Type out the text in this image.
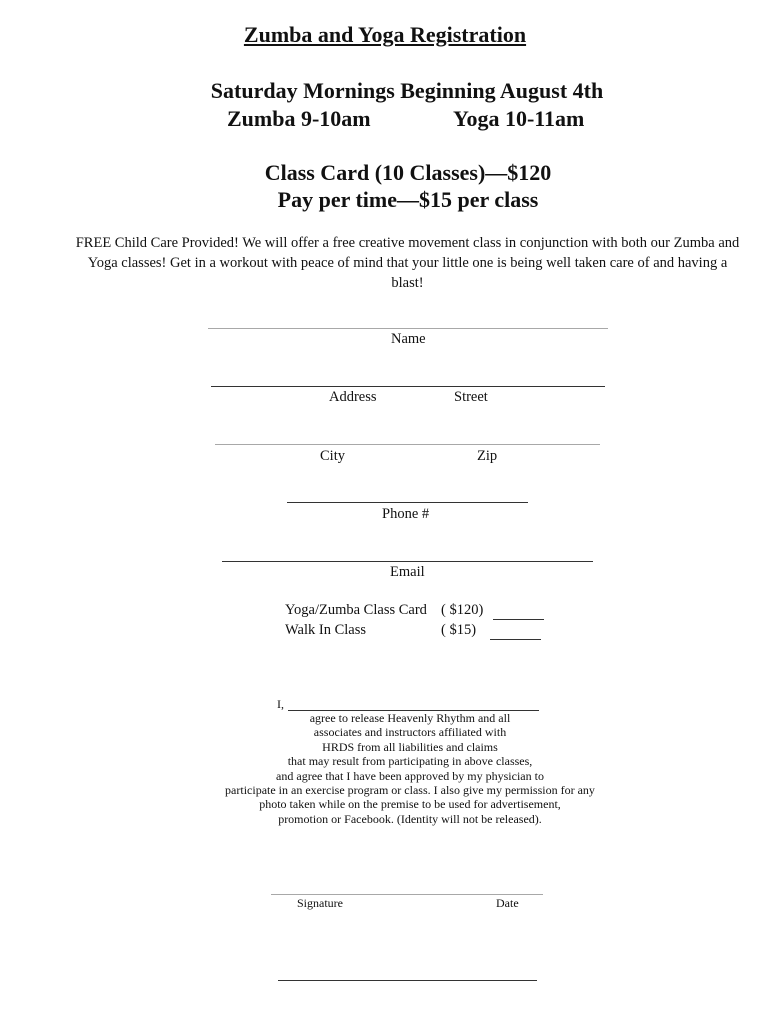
Zumba and Yoga Registration
Saturday Mornings Beginning August 4th
Zumba 9-10am	Yoga 10-11am
Class Card (10 Classes)—$120
Pay per time—$15 per class
FREE Child Care Provided! We will offer a free creative movement class in conjunction with both our Zumba and Yoga classes! Get in a workout with peace of mind that your little one is being well taken care of and having a blast!
Name
Address	Street
City	Zip
Phone #
Email
Yoga/Zumba Class Card ( $120)
Walk In Class	( $15)
I,
agree to release Heavenly Rhythm and all
associates and instructors affiliated with
HRDS from all liabilities and claims
that may result from participating in above classes,
and agree that I have been approved by my physician to
participate in an exercise program or class. I also give my permission for any
photo taken while on the premise to be used for advertisement,
promotion or Facebook. (Identity will not be released).
Signature	Date
